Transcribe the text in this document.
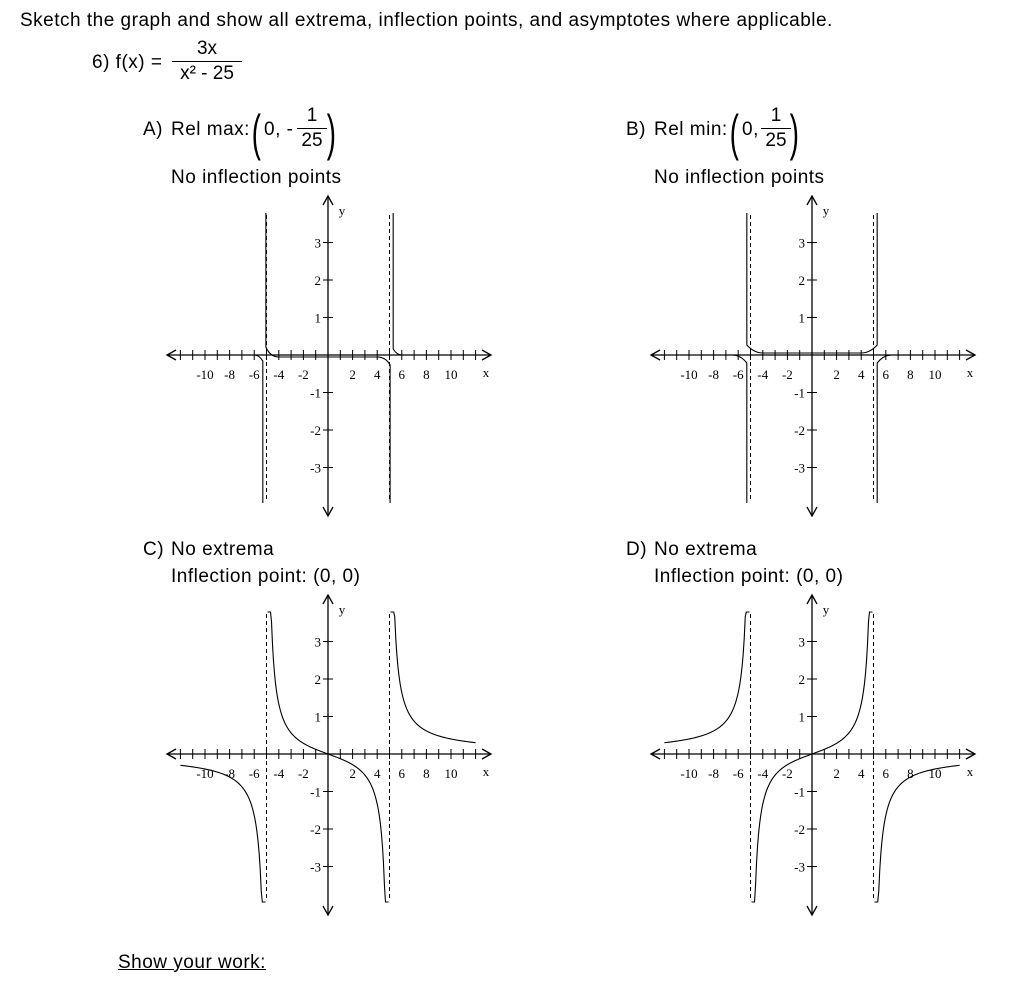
Sketch the graph and show all extrema, inflection points, and asymptotes where applicable.
6) $f(x) = \frac{3x}{\text{x² - 25}}$
A) Rel max: ( 0, - $\frac{1}{25}$ )
No inflection points
B) Rel min: ( 0, $\frac{1}{25}$
)
No inflection points
C) No extrema
Inflection point: (0, 0)
D) No extrema
Inflection point: (0, 0)
-10 -8 -6 -4 -2	2 4 6 8 10
3
2
1
-1
-2
-3
x
y
-10 -8 -6 -4 -2	2 4 6 8 10
3
2
1
-1
-2
-3
x
y
-10 -8 -6 -4 -2	2 4 6 8 10
3
2
1
-1
-2
-3
x
y
-10 -8 -6 -4 -2	2 4 6 8 10
3
2
1
-1
-2
-3
x
y
Show your work:
